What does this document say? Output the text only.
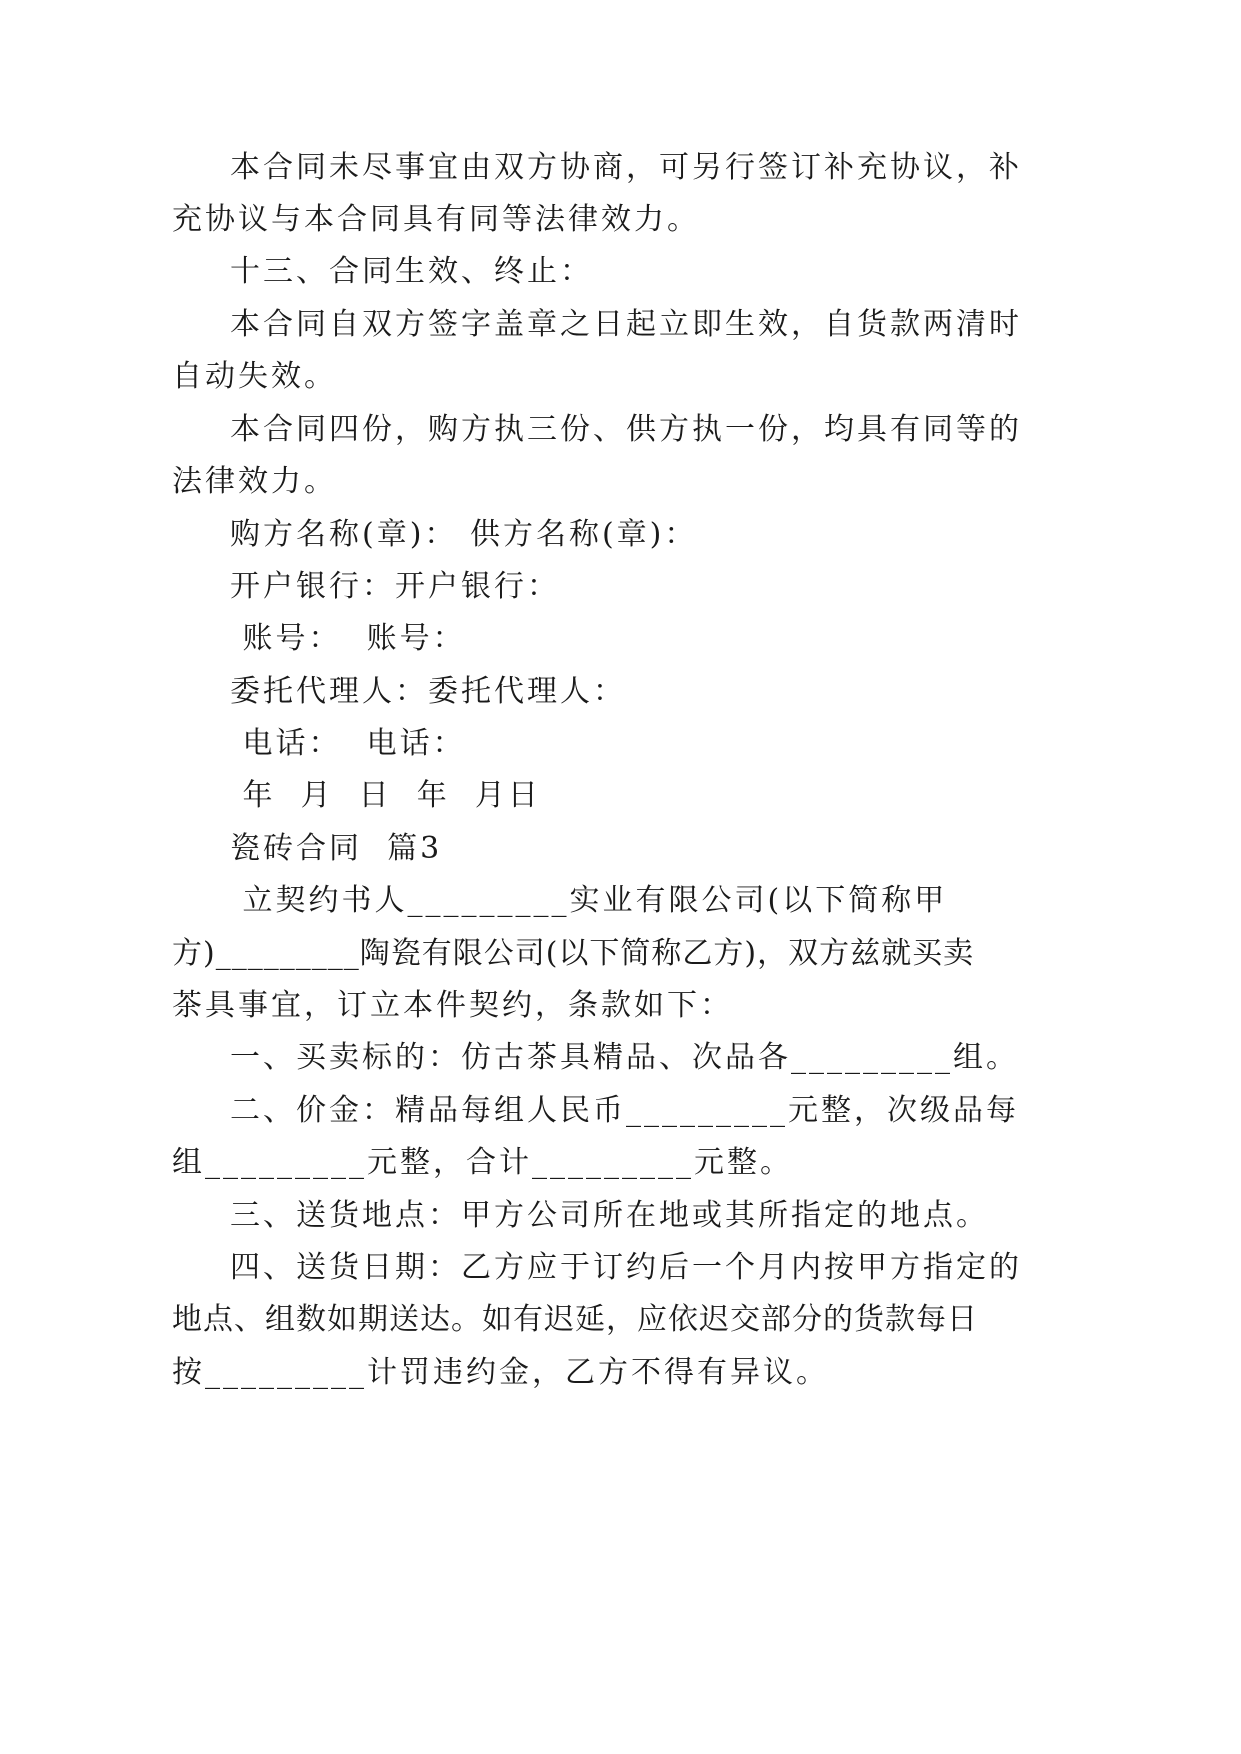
本合同未尽事宜由双方协商，可另行签订补充协议，补
充协议与本合同具有同等法律效力。
十三、合同生效、终止：
本合同自双方签字盖章之日起立即生效，自货款两清时
自动失效。
本合同四份，购方执三份、供方执一份，均具有同等的
法律效力。
购方名称(章)： 供方名称(章)：
开户银行：开户银行：
账号：  账号：
委托代理人：委托代理人：
电话：  电话：
年  月  日  年  月日
瓷砖合同  篇3
立契约书人_________实业有限公司(以下简称甲
方)_________陶瓷有限公司(以下简称乙方)，双方兹就买卖
茶具事宜，订立本件契约，条款如下：
一、买卖标的：仿古茶具精品、次品各_________组。
二、价金：精品每组人民币_________元整，次级品每
组_________元整，合计_________元整。
三、送货地点：甲方公司所在地或其所指定的地点。
四、送货日期：乙方应于订约后一个月内按甲方指定的
地点、组数如期送达。如有迟延，应依迟交部分的货款每日
按_________计罚违约金，乙方不得有异议。
